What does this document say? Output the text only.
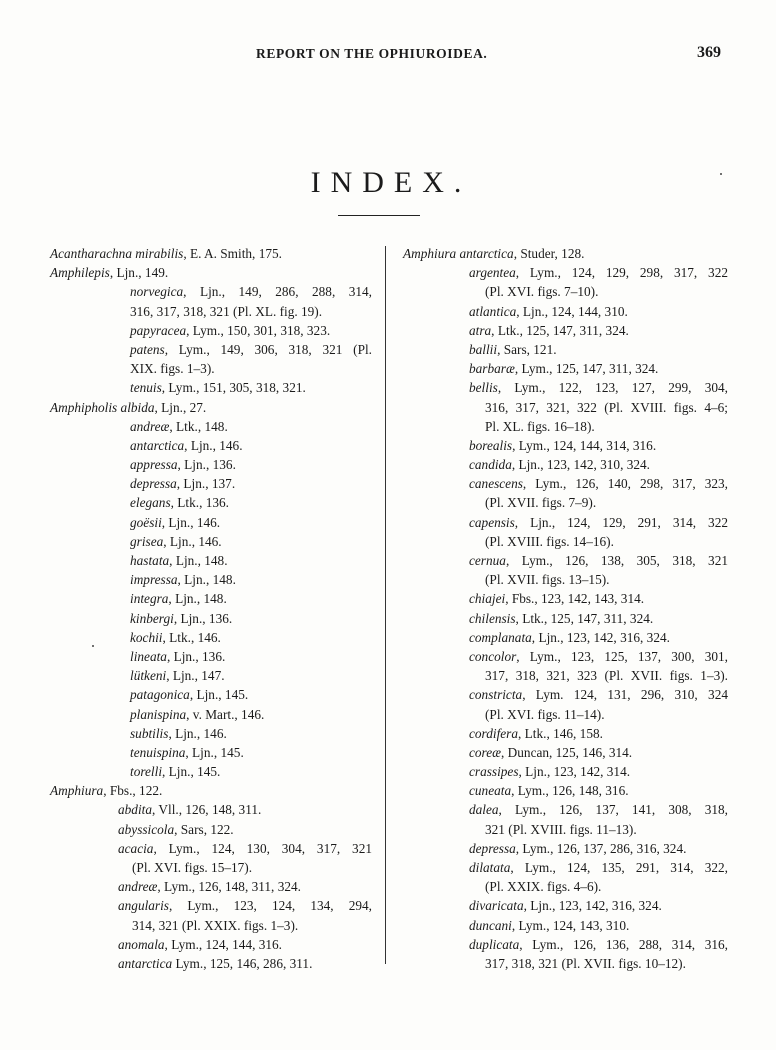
REPORT ON THE OPHIUROIDEA.	369
INDEX.
Acantharachna mirabilis, E. A. Smith, 175.
Amphilepis, Ljn., 149.
norvegica, Ljn., 149, 286, 288, 314,
316, 317, 318, 321 (Pl. XL. fig. 19).
papyracea, Lym., 150, 301, 318, 323.
patens, Lym., 149, 306, 318, 321 (Pl.
XIX. figs. 1–3).
tenuis, Lym., 151, 305, 318, 321.
Amphipholis albida, Ljn., 27.
andreæ, Ltk., 148.
antarctica, Ljn., 146.
appressa, Ljn., 136.
depressa, Ljn., 137.
elegans, Ltk., 136.
goësii, Ljn., 146.
grisea, Ljn., 146.
hastata, Ljn., 148.
impressa, Ljn., 148.
integra, Ljn., 148.
kinbergi, Ljn., 136.
kochii, Ltk., 146.
lineata, Ljn., 136.
lütkeni, Ljn., 147.
patagonica, Ljn., 145.
planispina, v. Mart., 146.
subtilis, Ljn., 146.
tenuispina, Ljn., 145.
torelli, Ljn., 145.
Amphiura, Fbs., 122.
abdita, Vll., 126, 148, 311.
abyssicola, Sars, 122.
acacia, Lym., 124, 130, 304, 317, 321
(Pl. XVI. figs. 15–17).
andreæ, Lym., 126, 148, 311, 324.
angularis, Lym., 123, 124, 134, 294,
314, 321 (Pl. XXIX. figs. 1–3).
anomala, Lym., 124, 144, 316.
antarctica Lym., 125, 146, 286, 311.
Amphiura antarctica, Studer, 128.
argentea, Lym., 124, 129, 298, 317, 322
(Pl. XVI. figs. 7–10).
atlantica, Ljn., 124, 144, 310.
atra, Ltk., 125, 147, 311, 324.
ballii, Sars, 121.
barbaræ, Lym., 125, 147, 311, 324.
bellis, Lym., 122, 123, 127, 299, 304,
316, 317, 321, 322 (Pl. XVIII. figs. 4–6;
Pl. XL. figs. 16–18).
borealis, Lym., 124, 144, 314, 316.
candida, Ljn., 123, 142, 310, 324.
canescens, Lym., 126, 140, 298, 317, 323,
(Pl. XVII. figs. 7–9).
capensis, Ljn., 124, 129, 291, 314, 322
(Pl. XVIII. figs. 14–16).
cernua, Lym., 126, 138, 305, 318, 321
(Pl. XVII. figs. 13–15).
chiajei, Fbs., 123, 142, 143, 314.
chilensis, Ltk., 125, 147, 311, 324.
complanata, Ljn., 123, 142, 316, 324.
concolor, Lym., 123, 125, 137, 300, 301,
317, 318, 321, 323 (Pl. XVII. figs. 1–3).
constricta, Lym. 124, 131, 296, 310, 324
(Pl. XVI. figs. 11–14).
cordifera, Ltk., 146, 158.
coreæ, Duncan, 125, 146, 314.
crassipes, Ljn., 123, 142, 314.
cuneata, Lym., 126, 148, 316.
dalea, Lym., 126, 137, 141, 308, 318,
321 (Pl. XVIII. figs. 11–13).
depressa, Lym., 126, 137, 286, 316, 324.
dilatata, Lym., 124, 135, 291, 314, 322,
(Pl. XXIX. figs. 4–6).
divaricata, Ljn., 123, 142, 316, 324.
duncani, Lym., 124, 143, 310.
duplicata, Lym., 126, 136, 288, 314, 316,
317, 318, 321 (Pl. XVII. figs. 10–12).
